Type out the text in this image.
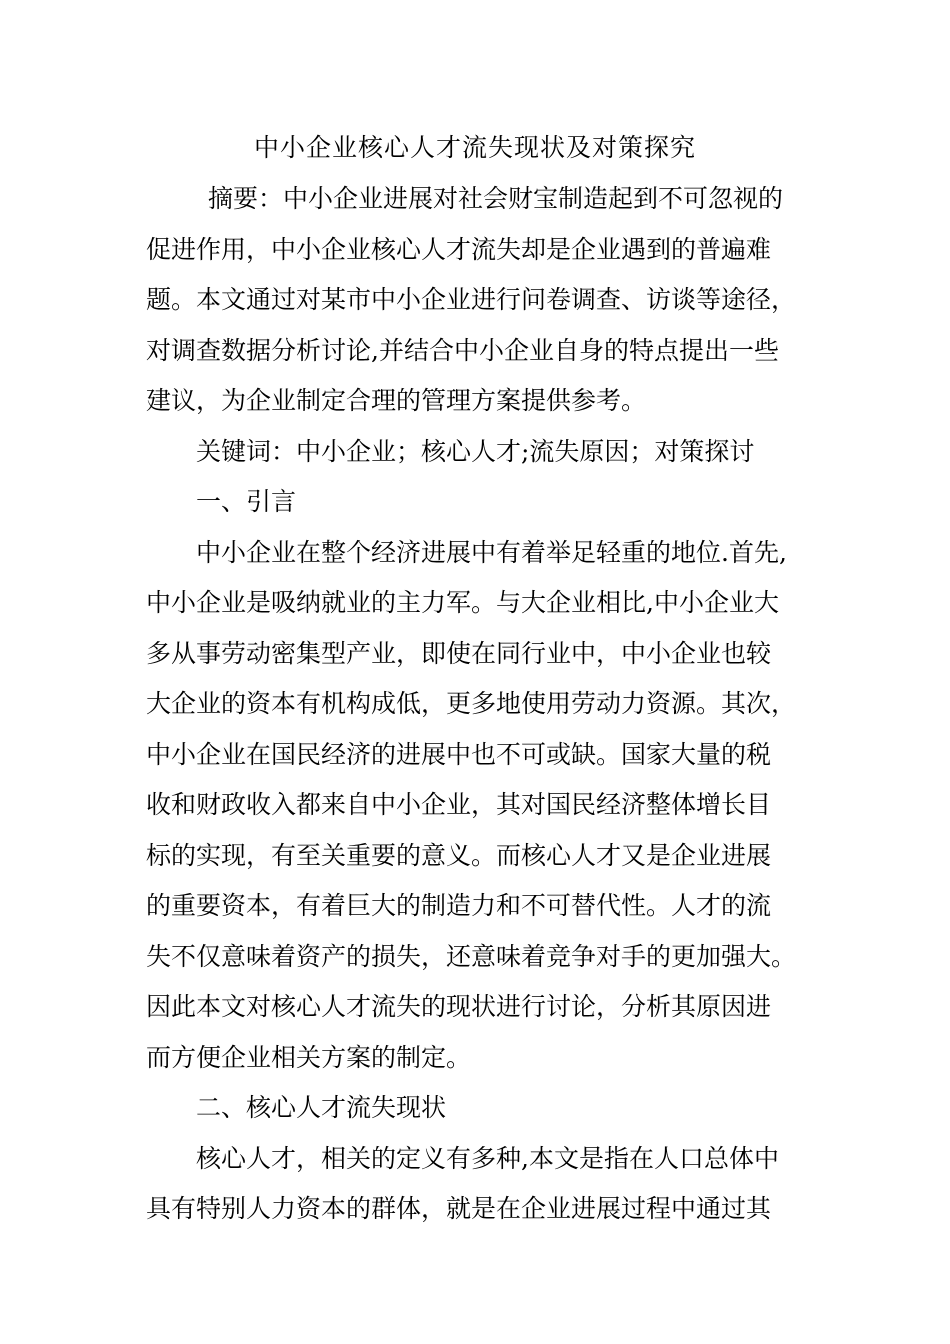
中小企业核心人才流失现状及对策探究
摘要：中小企业进展对社会财宝制造起到不可忽视的
促进作用，中小企业核心人才流失却是企业遇到的普遍难
题。本文通过对某市中小企业进行问卷调查、访谈等途径，
对调查数据分析讨论,并结合中小企业自身的特点提出一些
建议，为企业制定合理的管理方案提供参考。
关键词：中小企业；核心人才;流失原因；对策探讨
一、引言
中小企业在整个经济进展中有着举足轻重的地位.首先,
中小企业是吸纳就业的主力军。与大企业相比,中小企业大
多从事劳动密集型产业，即使在同行业中，中小企业也较
大企业的资本有机构成低，更多地使用劳动力资源。其次，
中小企业在国民经济的进展中也不可或缺。国家大量的税
收和财政收入都来自中小企业，其对国民经济整体增长目
标的实现，有至关重要的意义。而核心人才又是企业进展
的重要资本，有着巨大的制造力和不可替代性。人才的流
失不仅意味着资产的损失，还意味着竞争对手的更加强大。
因此本文对核心人才流失的现状进行讨论，分析其原因进
而方便企业相关方案的制定。
二、核心人才流失现状
核心人才，相关的定义有多种,本文是指在人口总体中
具有特别人力资本的群体，就是在企业进展过程中通过其
